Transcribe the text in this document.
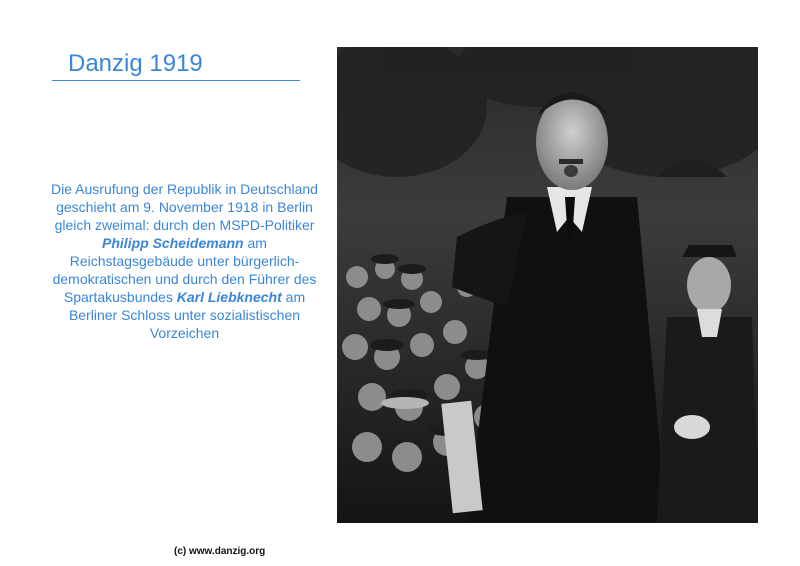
Danzig 1919
Die Ausrufung der Republik in Deutschland geschieht am 9. November 1918 in Berlin gleich zweimal: durch den MSPD-Politiker Philipp Scheidemann am Reichstagsgebäude unter bürgerlich-demokratischen und durch den Führer des Spartakusbundes Karl Liebknecht am Berliner Schloss unter sozialistischen Vorzeichen
(c) www.danzig.org
